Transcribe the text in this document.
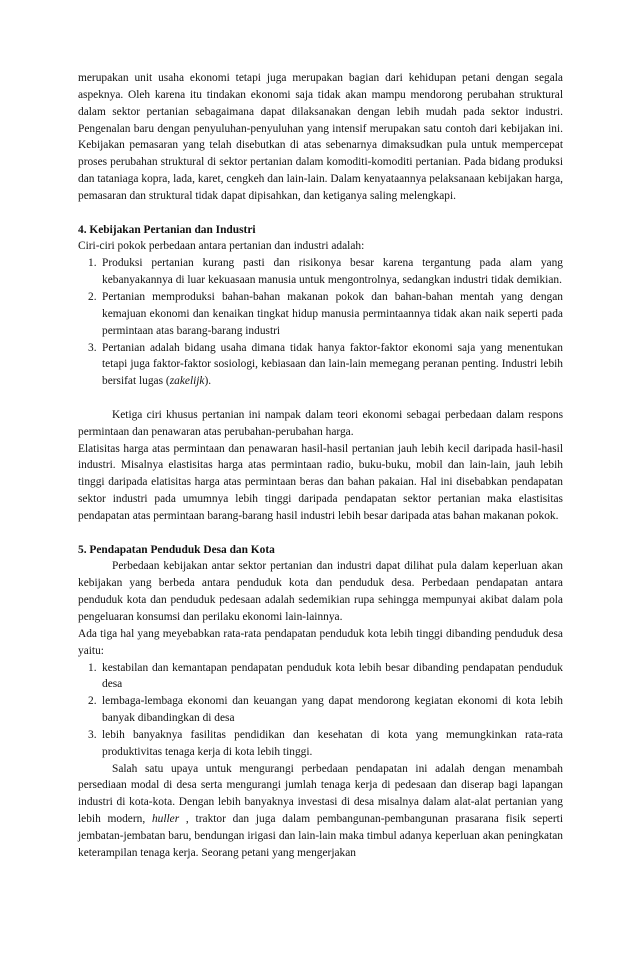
merupakan unit usaha ekonomi tetapi juga merupakan bagian dari kehidupan petani dengan segala aspeknya. Oleh karena itu tindakan ekonomi saja tidak akan mampu mendorong perubahan struktural dalam sektor pertanian sebagaimana dapat dilaksanakan dengan lebih mudah pada sektor industri. Pengenalan baru dengan penyuluhan-penyuluhan yang intensif merupakan satu contoh dari kebijakan ini. Kebijakan pemasaran yang telah disebutkan di atas sebenarnya dimaksudkan pula untuk mempercepat proses perubahan struktural di sektor pertanian dalam komoditi-komoditi pertanian. Pada bidang produksi dan tataniaga kopra, lada, karet, cengkeh dan lain-lain. Dalam kenyataannya pelaksanaan kebijakan harga, pemasaran dan struktural tidak dapat dipisahkan, dan ketiganya saling melengkapi.

4. Kebijakan Pertanian dan Industri

Ciri-ciri pokok perbedaan antara pertanian dan industri adalah:

1. Produksi pertanian kurang pasti dan risikonya besar karena tergantung pada alam yang kebanyakannya di luar kekuasaan manusia untuk mengontrolnya, sedangkan industri tidak demikian.
2. Pertanian memproduksi bahan-bahan makanan pokok dan bahan-bahan mentah yang dengan kemajuan ekonomi dan kenaikan tingkat hidup manusia permintaannya tidak akan naik seperti pada permintaan atas barang-barang industri
3. Pertanian adalah bidang usaha dimana tidak hanya faktor-faktor ekonomi saja yang menentukan tetapi juga faktor-faktor sosiologi, kebiasaan dan lain-lain memegang peranan penting. Industri lebih bersifat lugas (zakelijk).

Ketiga ciri khusus pertanian ini nampak dalam teori ekonomi sebagai perbedaan dalam respons permintaan dan penawaran atas perubahan-perubahan harga.

Elatisitas harga atas permintaan dan penawaran hasil-hasil pertanian jauh lebih kecil daripada hasil-hasil industri. Misalnya elastisitas harga atas permintaan radio, buku-buku, mobil dan lain-lain, jauh lebih tinggi daripada elatisitas harga atas permintaan beras dan bahan pakaian. Hal ini disebabkan pendapatan sektor industri pada umumnya lebih tinggi daripada pendapatan sektor pertanian maka elastisitas pendapatan atas permintaan barang-barang hasil industri lebih besar daripada atas bahan makanan pokok.

5. Pendapatan Penduduk Desa dan Kota

Perbedaan kebijakan antar sektor pertanian dan industri dapat dilihat pula dalam keperluan akan kebijakan yang berbeda antara penduduk kota dan penduduk desa. Perbedaan pendapatan antara penduduk kota dan penduduk pedesaan adalah sedemikian rupa sehingga mempunyai akibat dalam pola pengeluaran konsumsi dan perilaku ekonomi lain-lainnya.

Ada tiga hal yang meyebabkan rata-rata pendapatan penduduk kota lebih tinggi dibanding penduduk desa yaitu:

1. kestabilan dan kemantapan pendapatan penduduk kota lebih besar dibanding pendapatan penduduk desa
2. lembaga-lembaga ekonomi dan keuangan yang dapat mendorong kegiatan ekonomi di kota lebih banyak dibandingkan di desa
3. lebih banyaknya fasilitas pendidikan dan kesehatan di kota yang memungkinkan rata-rata produktivitas tenaga kerja di kota lebih tinggi.

Salah satu upaya untuk mengurangi perbedaan pendapatan ini adalah dengan menambah persediaan modal di desa serta mengurangi jumlah tenaga kerja di pedesaan dan diserap bagi lapangan industri di kota-kota. Dengan lebih banyaknya investasi di desa misalnya dalam alat-alat pertanian yang lebih modern, huller , traktor dan juga dalam pembangunan-pembangunan prasarana fisik seperti jembatan-jembatan baru, bendungan irigasi dan lain-lain maka timbul adanya keperluan akan peningkatan keterampilan tenaga kerja. Seorang petani yang mengerjakan
